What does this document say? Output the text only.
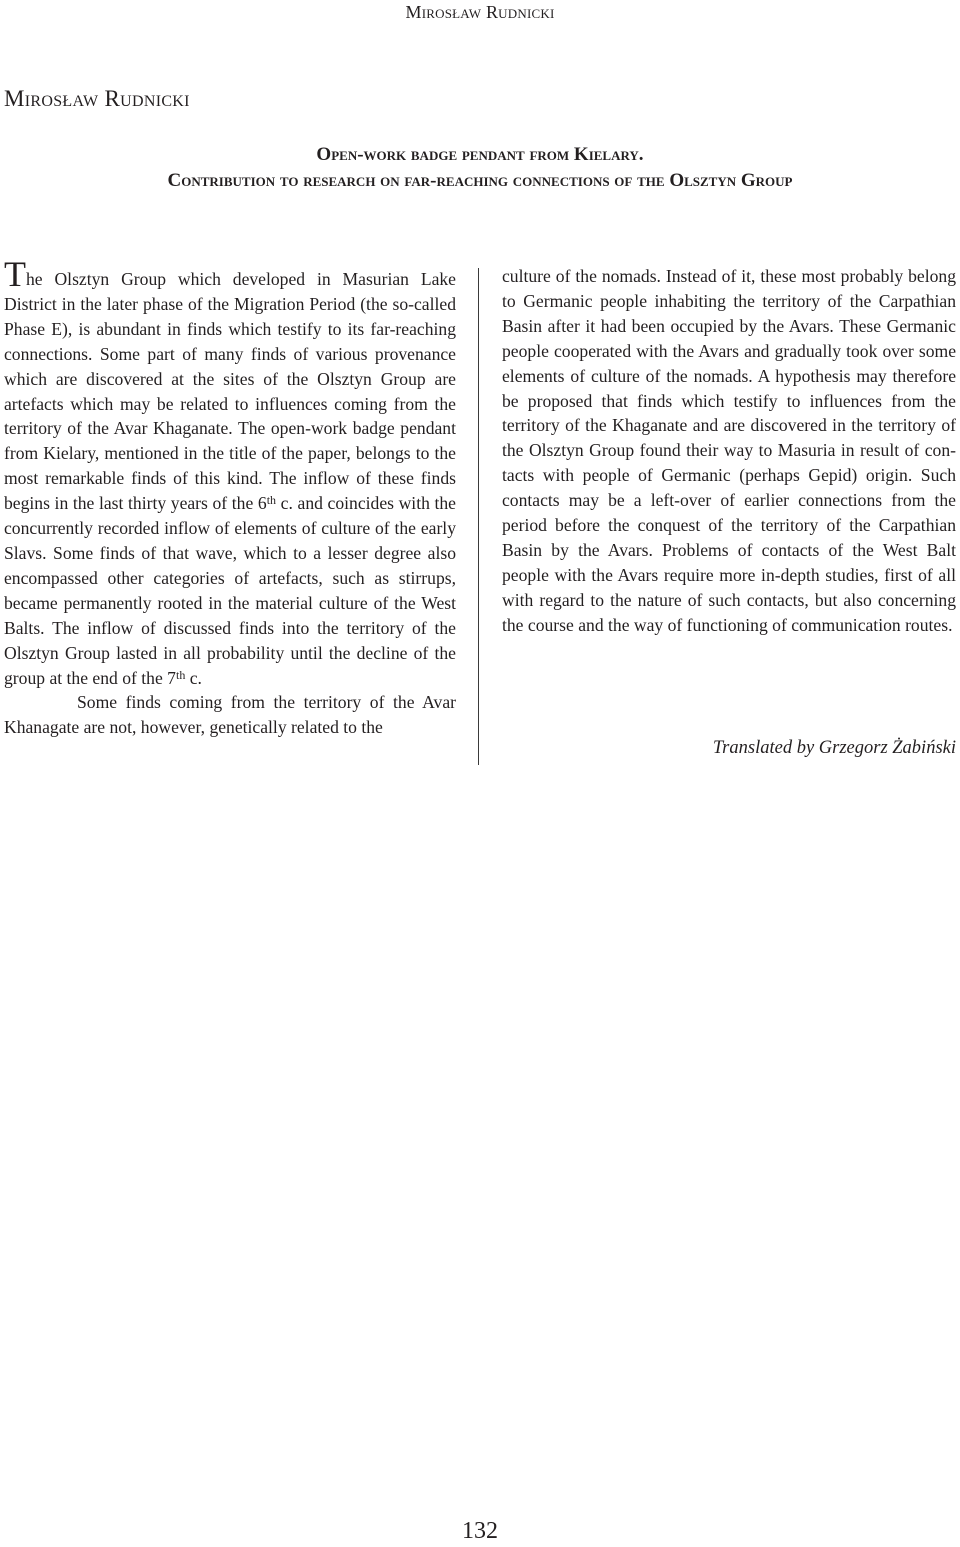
Mirosław Rudnicki
Mirosław Rudnicki
Open-work badge pendant from Kielary.
Contribution to research on far-reaching connections of the Olsztyn Group

The Olsztyn Group which developed in Masurian Lake District in the later phase of the Migration Period (the so-called Phase E), is abundant in finds which testify to its far-reaching connections. Some part of many finds of various provenance which are discovered at the sites of the Olsztyn Group are artefacts which may be related to influences coming from the territory of the Avar Khaganate. The open-work badge pendant from Kielary, mentioned in the title of the paper, belongs to the most remarkable finds of this kind. The inflow of these finds begins in the last thirty years of the 6th c. and coincides with the concurrently recorded inflow of elements of culture of the early Slavs. Some finds of that wave, which to a lesser degree also encompassed other categories of artefacts, such as stirrups, became permanently rooted in the material culture of the West Balts. The inflow of discussed finds into the territory of the Olsztyn Group lasted in all probability until the decline of the group at the end of the 7th c.

Some finds coming from the territory of the Avar Khanagate are not, however, genetically related to the

culture of the nomads. Instead of it, these most probably belong to Germanic people inhabiting the territory of the Carpathian Basin after it had been occupied by the Avars. These Germanic people cooperated with the Avars and gradually took over some elements of culture of the nomads. A hypothesis may therefore be proposed that finds which testify to influences from the territory of the Khaganate and are discovered in the territory of the Olsztyn Group found their way to Masuria in result of contacts with people of Germanic (perhaps Gepid) origin. Such contacts may be a left-over of earlier connections from the period before the conquest of the territory of the Carpathian Basin by the Avars. Problems of contacts of the West Balt people with the Avars require more in-depth studies, first of all with regard to the nature of such contacts, but also concerning the course and the way of functioning of communication routes.

Translated by Grzegorz Żabiński
132
